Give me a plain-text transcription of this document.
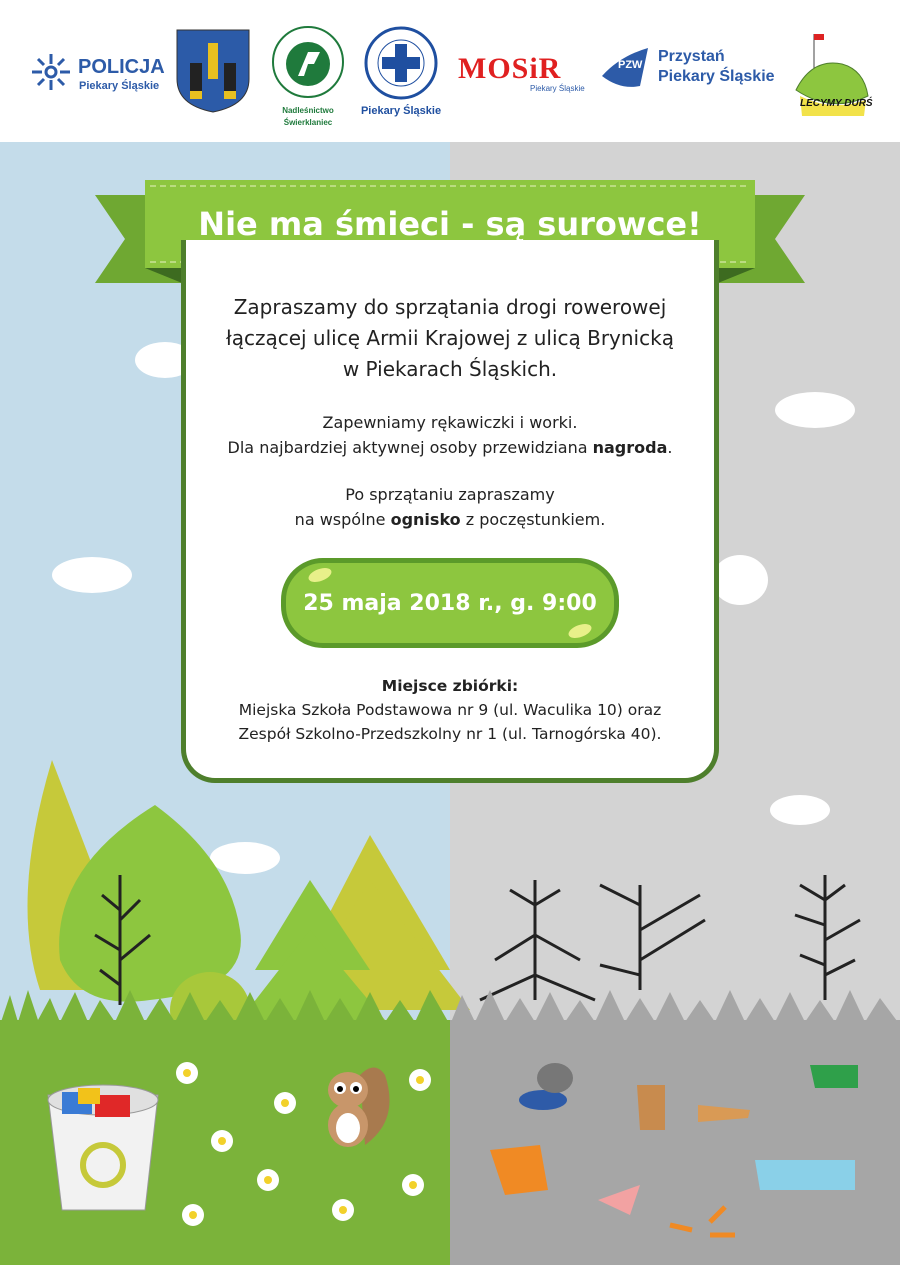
POLICJA
Piekary Śląskie
Nadleśnictwo
Świerklaniec
Piekary Śląskie
MOSiR
Piekary Śląskie
PZW Przystań
Piekary Śląskie
LECYMY DURŚ
Nie ma śmieci - są surowce!
Zapraszamy do sprzątania drogi rowerowej
łączącej ulicę Armii Krajowej z ulicą Brynicką
w Piekarach Śląskich.
Zapewniamy rękawiczki i worki.
Dla najbardziej aktywnej osoby przewidziana nagroda.
Po sprzątaniu zapraszamy
na wspólne ognisko z poczęstunkiem.
25 maja 2018 r., g. 9:00
Miejsce zbiórki:
Miejska Szkoła Podstawowa nr 9 (ul. Waculika 10) oraz
Zespół Szkolno-Przedszkolny nr 1 (ul. Tarnogórska 40).
